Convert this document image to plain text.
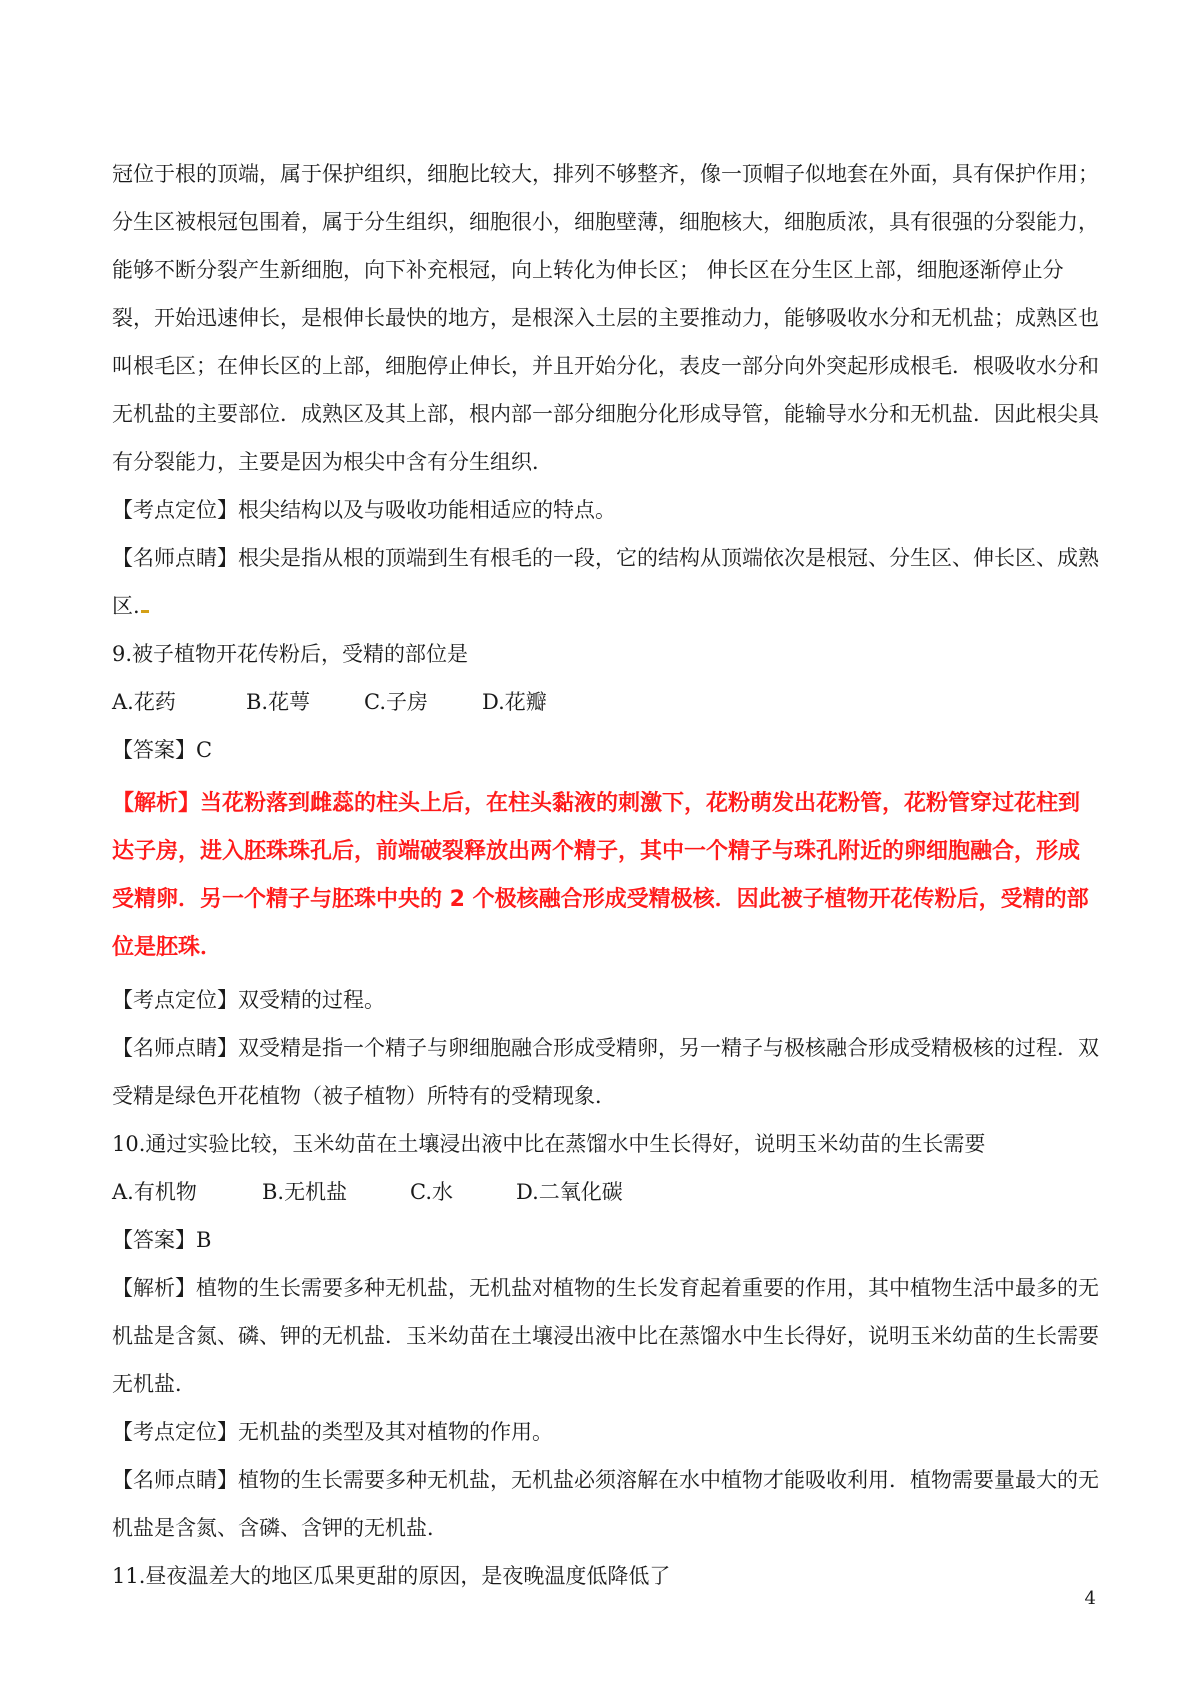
冠位于根的顶端，属于保护组织，细胞比较大，排列不够整齐，像一顶帽子似地套在外面，具有保护作用；分生区被根冠包围着，属于分生组织，细胞很小，细胞壁薄，细胞核大，细胞质浓，具有很强的分裂能力，能够不断分裂产生新细胞，向下补充根冠，向上转化为伸长区； 伸长区在分生区上部，细胞逐渐停止分裂，开始迅速伸长，是根伸长最快的地方，是根深入土层的主要推动力，能够吸收水分和无机盐；成熟区也叫根毛区；在伸长区的上部，细胞停止伸长，并且开始分化，表皮一部分向外突起形成根毛．根吸收水分和无机盐的主要部位．成熟区及其上部，根内部一部分细胞分化形成导管，能输导水分和无机盐．因此根尖具有分裂能力，主要是因为根尖中含有分生组织．

【考点定位】根尖结构以及与吸收功能相适应的特点。

【名师点睛】根尖是指从根的顶端到生有根毛的一段，它的结构从顶端依次是根冠、分生区、伸长区、成熟区.

9.被子植物开花传粉后，受精的部位是

A.花药	B.花萼	C.子房	D.花瓣

【答案】C

【解析】当花粉落到雌蕊的柱头上后，在柱头黏液的刺激下，花粉萌发出花粉管，花粉管穿过花柱到达子房，进入胚珠珠孔后，前端破裂释放出两个精子，其中一个精子与珠孔附近的卵细胞融合，形成受精卵．另一个精子与胚珠中央的 2 个极核融合形成受精极核．因此被子植物开花传粉后，受精的部位是胚珠．

【考点定位】双受精的过程。

【名师点睛】双受精是指一个精子与卵细胞融合形成受精卵，另一精子与极核融合形成受精极核的过程．双受精是绿色开花植物（被子植物）所特有的受精现象．

10.通过实验比较，玉米幼苗在土壤浸出液中比在蒸馏水中生长得好，说明玉米幼苗的生长需要

A.有机物	B.无机盐	C.水	D.二氧化碳

【答案】B

【解析】植物的生长需要多种无机盐，无机盐对植物的生长发育起着重要的作用，其中植物生活中最多的无机盐是含氮、磷、钾的无机盐．玉米幼苗在土壤浸出液中比在蒸馏水中生长得好，说明玉米幼苗的生长需要无机盐．

【考点定位】无机盐的类型及其对植物的作用。

【名师点睛】植物的生长需要多种无机盐，无机盐必须溶解在水中植物才能吸收利用．植物需要量最大的无机盐是含氮、含磷、含钾的无机盐．

11.昼夜温差大的地区瓜果更甜的原因，是夜晚温度低降低了

4
